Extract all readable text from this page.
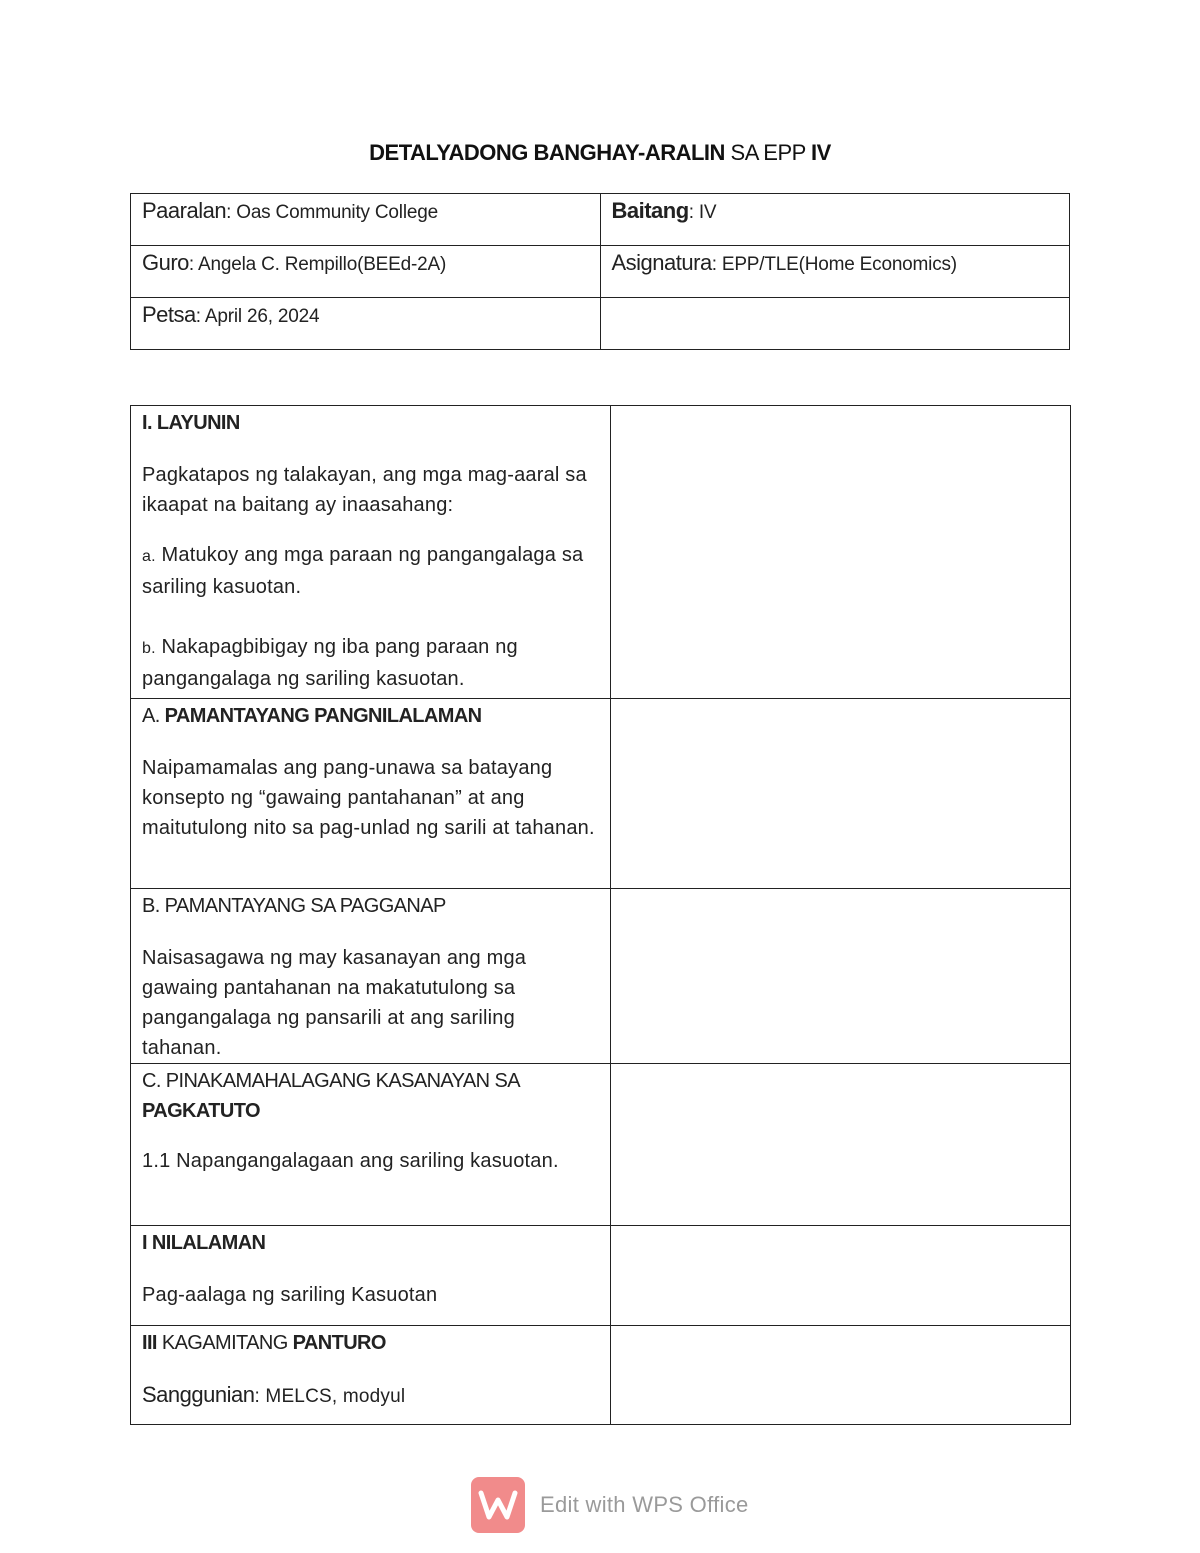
DETALYADONG BANGHAY-ARALIN SA EPP IV
Paaralan: Oas Community College	Baitang: IV
Guro: Angela C. Rempillo(BEEd-2A)	Asignatura: EPP/TLE(Home Economics)
Petsa: April 26, 2024	
I. LAYUNIN
Pagkatapos ng talakayan, ang mga mag-aaral sa ikaapat na baitang ay inaasahang:
a. Matukoy ang mga paraan ng pangangalaga sa sariling kasuotan.
b. Nakapagbibigay ng iba pang paraan ng pangangalaga ng sariling kasuotan.	

A. PAMANTAYANG PANGNILALAMAN
Naipamamalas ang pang-unawa sa batayang konsepto ng “gawaing pantahanan” at ang maitutulong nito sa pag-unlad ng sarili at tahanan.	

B. PAMANTAYANG SA PAGGANAP
Naisasagawa ng may kasanayan ang mga gawaing pantahanan na makatutulong sa pangangalaga ng pansarili at ang sariling tahanan.	

C. PINAKAMAHALAGANG KASANAYAN SA
PAGKATUTO
1.1 Napangangalagaan ang sariling kasuotan.	

I NILALAMAN
Pag-aalaga ng sariling Kasuotan	

III KAGAMITANG PANTURO
Sanggunian: MELCS, modyul	

Edit with WPS Office
